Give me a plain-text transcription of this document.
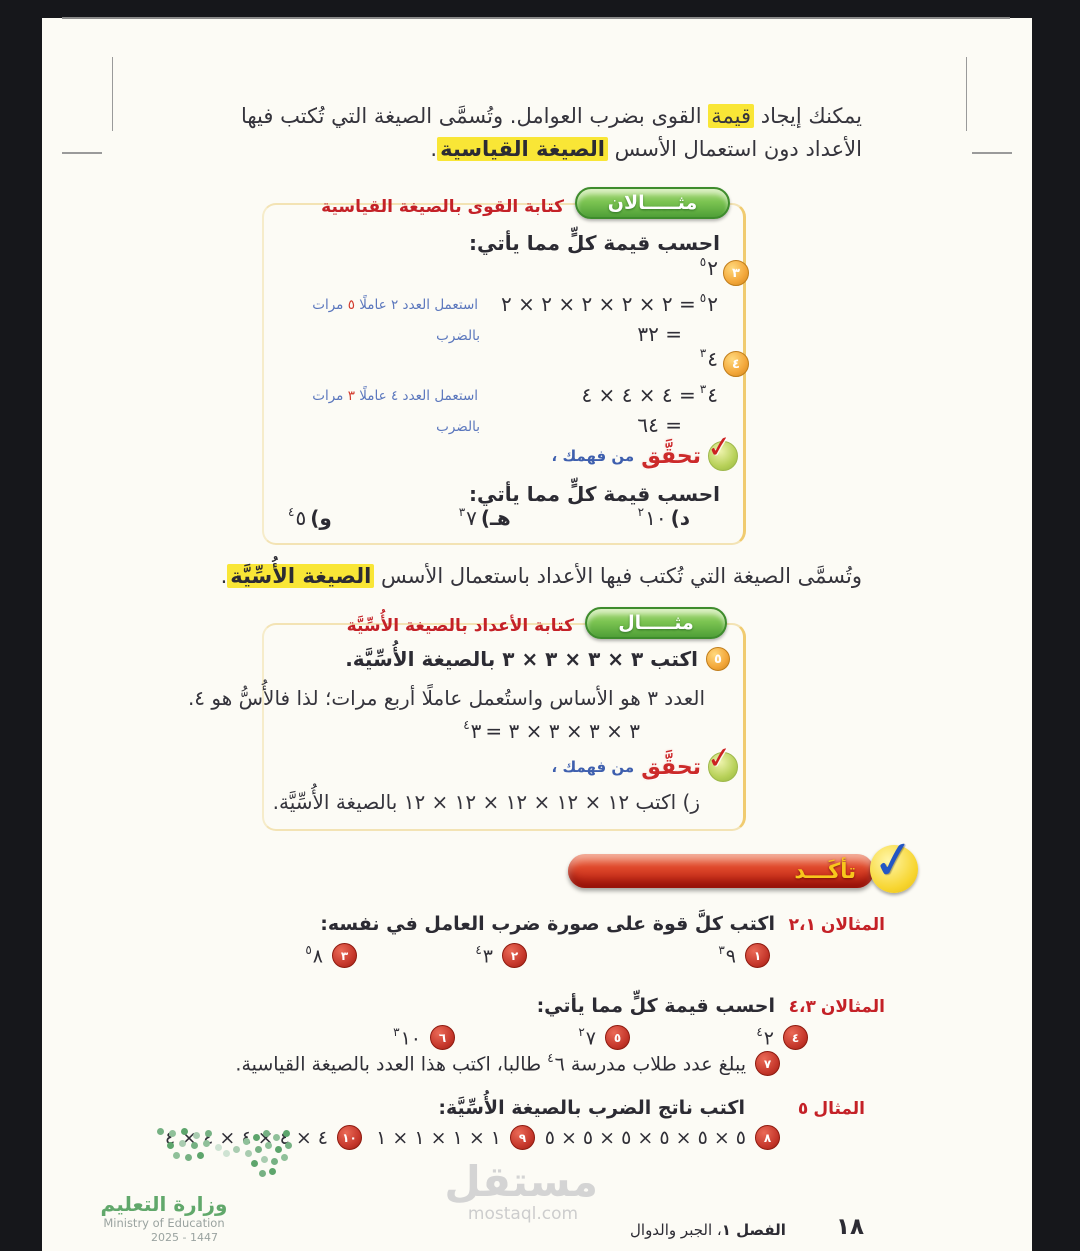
يمكنك إيجاد قيمة القوى بضرب العوامل. وتُسمَّى الصيغة التي تُكتب فيها
الأعداد دون استعمال الأسس الصيغة القياسية.
مثـــــالان
كتابة القوى بالصيغة القياسية
احسب قيمة كلٍّ مما يأتي:
٣
$^٥$٢
$^٥$٢
= ٢ × ٢ × ٢ × ٢ × ٢
استعمل العدد ٢ عاملًا ٥ مرات
= ٣٢
بالضرب
٤
$^٣$٤
$^٣$٤
= ٤ × ٤ × ٤
استعمل العدد ٤ عاملًا ٣ مرات
= ٦٤
بالضرب
✓
تحقَّق
من فهمك ،
احسب قيمة كلٍّ مما يأتي:
د)
$^٢$١٠
هـ)
$^٣$٧
و)
$^٤$٥
وتُسمَّى الصيغة التي تُكتب فيها الأعداد باستعمال الأسس الصيغة الأُسِّيَّة.
مثـــــال
كتابة الأعداد بالصيغة الأُسِّيَّة
٥
اكتب ٣ × ٣ × ٣ × ٣ بالصيغة الأُسِّيَّة.
العدد ٣ هو الأساس واستُعمل عاملًا أربع مرات؛ لذا فالأُسُّ هو ٤.
٣ × ٣ × ٣ × ٣ =
$^٤$٣
✓
تحقَّق
من فهمك ،
ز) اكتب ١٢ × ١٢ × ١٢ × ١٢ × ١٢ بالصيغة الأُسِّيَّة.
تأكَـــد ✓
المثالان
٢،١
اكتب كلَّ قوة على صورة ضرب العامل في نفسه:
١
$^٣$٩
٢
$^٤$٣
٣
$^٥$٨
المثالان
٤،٣
احسب قيمة كلٍّ مما يأتي:
٤
$^٤$٢
٥
$^٢$٧
٦
$^٣$١٠
٧
يبلغ عدد طلاب مدرسة $^٤$٦ طالبا، اكتب هذا العدد بالصيغة القياسية.
المثال
٥
اكتب ناتج الضرب بالصيغة الأُسِّيَّة:
٨
٥ × ٥ × ٥ × ٥ × ٥ × ٥
٩
١ × ١ × ١ × ١
١٠
٤ × ٤ × ٤ × ٤ × ٤
وزارة التعليم
Ministry of Education
2025 - 1447
مستقل
mostaql.com	١٨
الفصل ١، الجبر والدوال
